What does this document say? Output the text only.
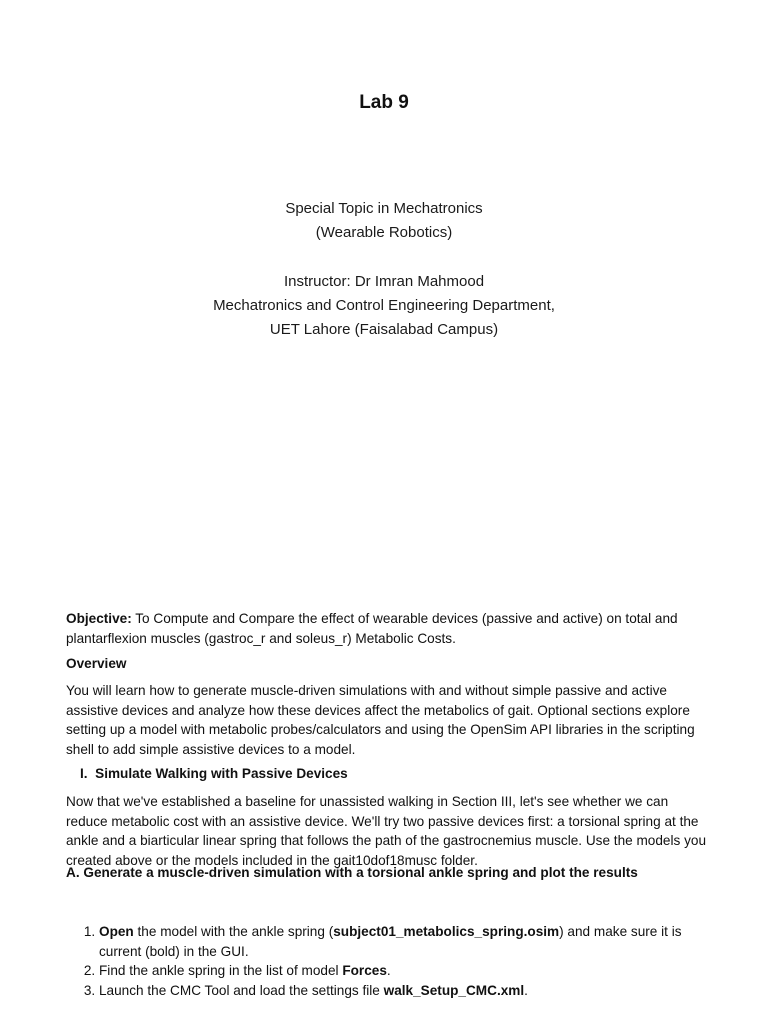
Lab 9
Special Topic in Mechatronics
(Wearable Robotics)
Instructor: Dr Imran Mahmood
Mechatronics and Control Engineering Department,
UET Lahore (Faisalabad Campus)

Objective: To Compute and Compare the effect of wearable devices (passive and active) on total and plantarflexion muscles (gastroc_r and soleus_r) Metabolic Costs.

Overview

You will learn how to generate muscle-driven simulations with and without simple passive and active assistive devices and analyze how these devices affect the metabolics of gait. Optional sections explore setting up a model with metabolic probes/calculators and using the OpenSim API libraries in the scripting shell to add simple assistive devices to a model.

I. Simulate Walking with Passive Devices

Now that we've established a baseline for unassisted walking in Section III, let's see whether we can reduce metabolic cost with an assistive device. We'll try two passive devices first: a torsional spring at the ankle and a biarticular linear spring that follows the path of the gastrocnemius muscle. Use the models you created above or the models included in the gait10dof18musc folder.

A. Generate a muscle-driven simulation with a torsional ankle spring and plot the results
1. Open the model with the ankle spring (subject01_metabolics_spring.osim) and make sure it is current (bold) in the GUI.
2. Find the ankle spring in the list of model Forces.
3. Launch the CMC Tool and load the settings file walk_Setup_CMC.xml.
